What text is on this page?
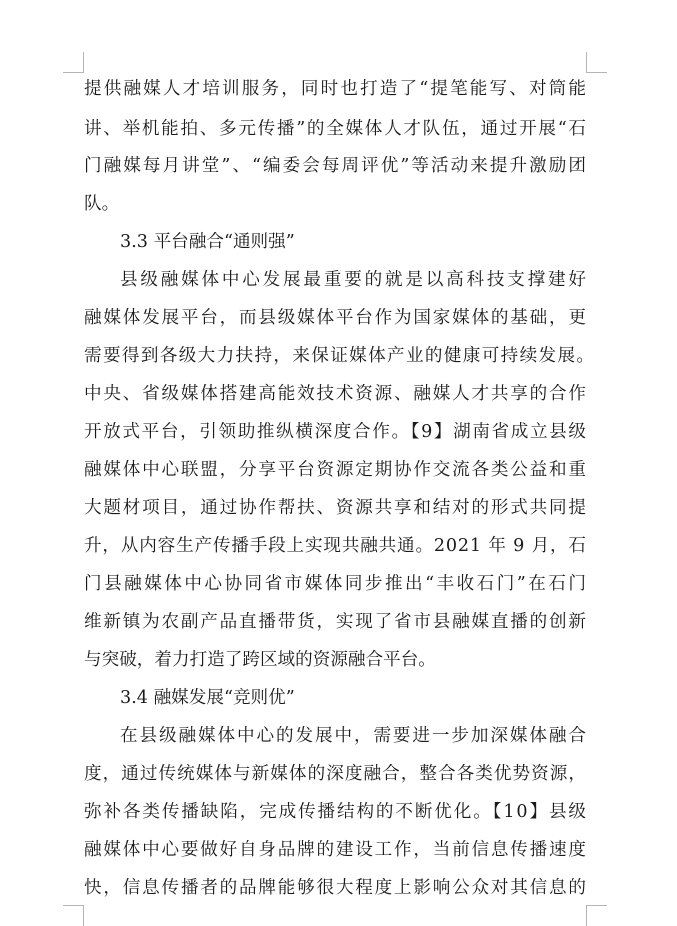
提供融媒人才培训服务，同时也打造了“提笔能写、对筒能
讲、举机能拍、多元传播”的全媒体人才队伍，通过开展“石
门融媒每月讲堂”、“编委会每周评优”等活动来提升激励团
队。
3.3 平台融合“通则强”
县级融媒体中心发展最重要的就是以高科技支撑建好
融媒体发展平台，而县级媒体平台作为国家媒体的基础，更
需要得到各级大力扶持，来保证媒体产业的健康可持续发展。
中央、省级媒体搭建高能效技术资源、融媒人才共享的合作
开放式平台，引领助推纵横深度合作。【9】湖南省成立县级
融媒体中心联盟，分享平台资源定期协作交流各类公益和重
大题材项目，通过协作帮扶、资源共享和结对的形式共同提
升，从内容生产传播手段上实现共融共通。2021 年 9 月，石
门县融媒体中心协同省市媒体同步推出“丰收石门”在石门
维新镇为农副产品直播带货，实现了省市县融媒直播的创新
与突破，着力打造了跨区域的资源融合平台。
3.4 融媒发展“竞则优”
在县级融媒体中心的发展中，需要进一步加深媒体融合
度，通过传统媒体与新媒体的深度融合，整合各类优势资源，
弥补各类传播缺陷，完成传播结构的不断优化。【10】县级
融媒体中心要做好自身品牌的建设工作，当前信息传播速度
快，信息传播者的品牌能够很大程度上影响公众对其信息的
